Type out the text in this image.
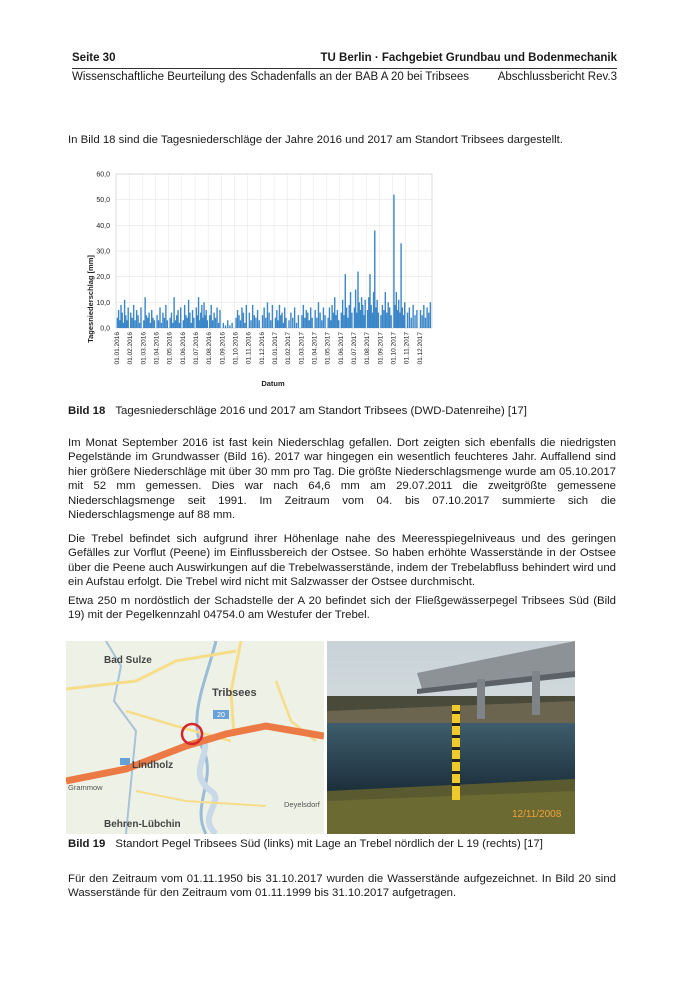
Seite 30	TU Berlin · Fachgebiet Grundbau und Bodenmechanik
Wissenschaftliche Beurteilung des Schadenfalls an der BAB A 20 bei Tribsees Abschlussbericht Rev.3
In Bild 18 sind die Tagesniederschläge der Jahre 2016 und 2017 am Standort Tribsees dargestellt.
0,0
10,0
20,0
30,0
40,0
50,0
60,0
01.01.2016 01.02.2016 01.03.2016 01.04.2016 01.05.2016 01.06.2016 01.07.2016 01.08.2016 01.09.2016 01.10.2016 01.11.2016 01.12.2016 01.01.2017 01.02.2017 01.03.2017 01.04.2017 01.05.2017 01.06.2017 01.07.2017 01.08.2017 01.09.2017 01.10.2017 01.11.2017 01.12.2017
Tagesniederschlag [mm]
Datum
Bild 18 Tagesniederschläge 2016 und 2017 am Standort Tribsees (DWD-Datenreihe) [17]
Im Monat September 2016 ist fast kein Niederschlag gefallen. Dort zeigten sich ebenfalls die niedrigsten Pegelstände im Grundwasser (Bild 16). 2017 war hingegen ein wesentlich feuchteres Jahr. Auffallend sind hier größere Niederschläge mit über 30 mm pro Tag. Die größte Niederschlagsmenge wurde am 05.10.2017 mit 52 mm gemessen. Dies war nach 64,6 mm am 29.07.2011 die zweitgrößte gemessene Niederschlagsmenge seit 1991. Im Zeitraum vom 04. bis 07.10.2017 summierte sich die Niederschlagsmenge auf 88 mm.
Die Trebel befindet sich aufgrund ihrer Höhenlage nahe des Meeresspiegelniveaus und des geringen Gefälles zur Vorflut (Peene) im Einflussbereich der Ostsee. So haben erhöhte Wasserstände in der Ostsee über die Peene auch Auswirkungen auf die Trebelwasserstände, indem der Trebelabfluss behindert wird und ein Aufstau erfolgt. Die Trebel wird nicht mit Salzwasser der Ostsee durchmischt.
Etwa 250 m nordöstlich der Schadstelle der A 20 befindet sich der Fließgewässerpegel Tribsees Süd (Bild 19) mit der Pegelkennzahl 04754.0 am Westufer der Trebel.
20
Bad Sulze
Tribsees
Lindholz
Grammow
Deyelsdorf
Behren-Lübchin
12/11/2008
Bild 19 Standort Pegel Tribsees Süd (links) mit Lage an Trebel nördlich der L 19 (rechts) [17]
Für den Zeitraum vom 01.11.1950 bis 31.10.2017 wurden die Wasserstände aufgezeichnet. In Bild 20 sind Wasserstände für den Zeitraum vom 01.11.1999 bis 31.10.2017 aufgetragen.
